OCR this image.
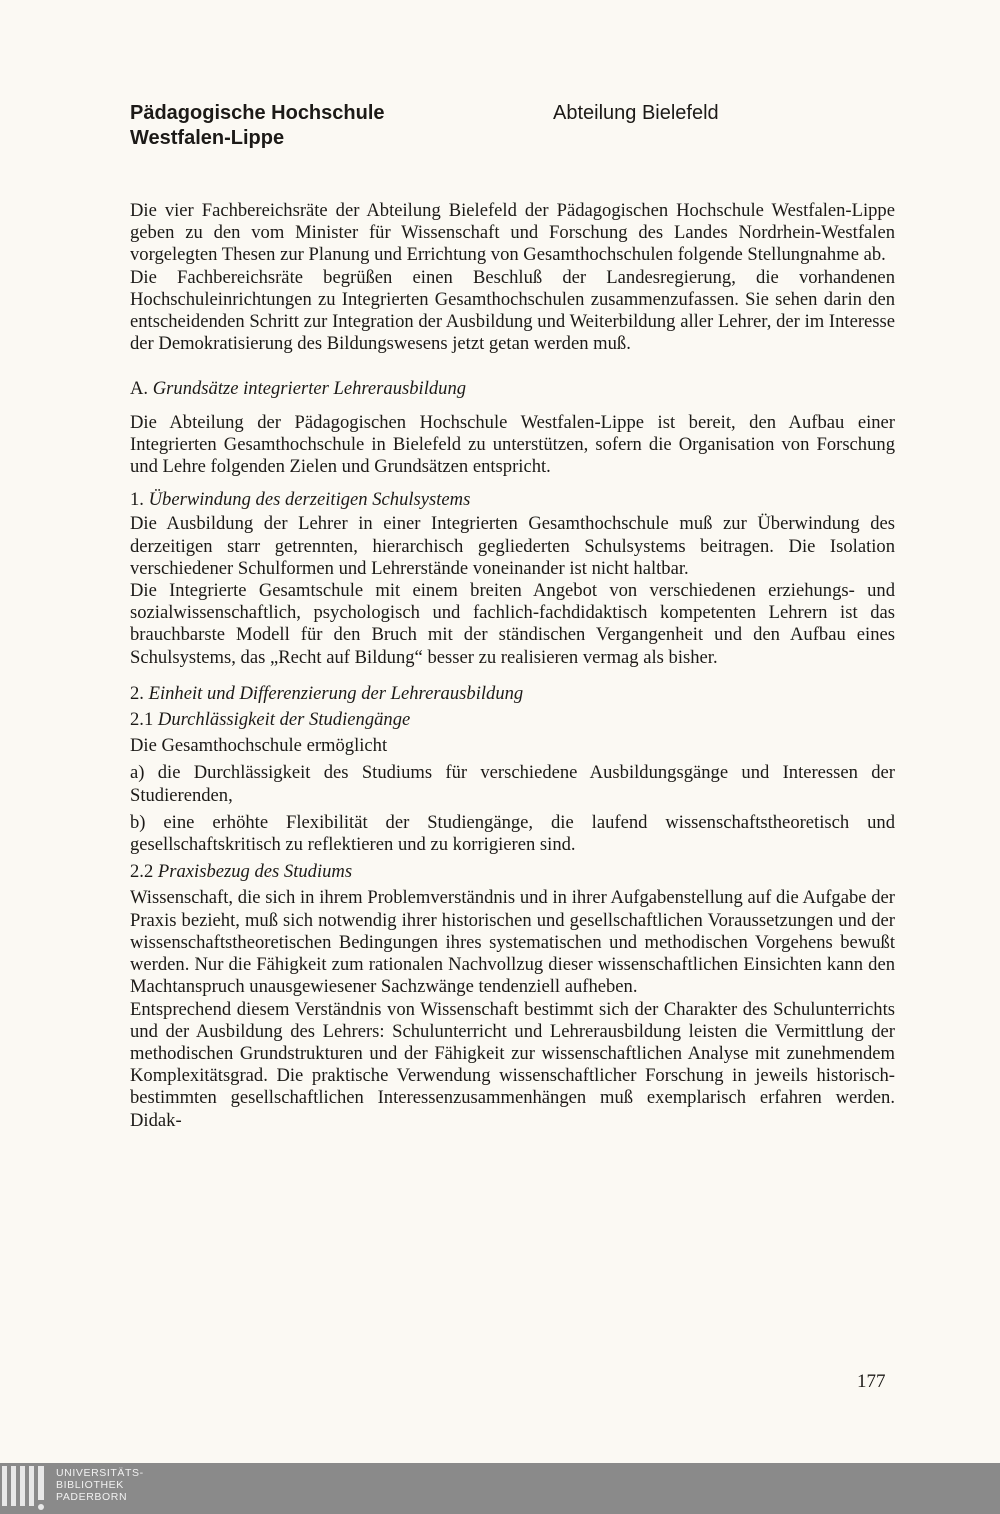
Pädagogische Hochschule
Westfalen-Lippe
Abteilung Bielefeld

Die vier Fachbereichsräte der Abteilung Bielefeld der Pädagogischen Hochschule Westfalen-Lippe geben zu den vom Minister für Wissenschaft und Forschung des Landes Nordrhein-Westfalen vorgelegten Thesen zur Planung und Errichtung von Gesamthochschulen folgende Stellungnahme ab.

Die Fachbereichsräte begrüßen einen Beschluß der Landesregierung, die vorhandenen Hochschuleinrichtungen zu Integrierten Gesamthochschulen zusammenzufassen. Sie sehen darin den entscheidenden Schritt zur Integration der Ausbildung und Weiterbildung aller Lehrer, der im Interesse der Demokratisierung des Bildungswesens jetzt getan werden muß.

A. Grundsätze integrierter Lehrerausbildung

Die Abteilung der Pädagogischen Hochschule Westfalen-Lippe ist bereit, den Aufbau einer Integrierten Gesamthochschule in Bielefeld zu unterstützen, sofern die Organisation von Forschung und Lehre folgenden Zielen und Grundsätzen entspricht.

1. Überwindung des derzeitigen Schulsystems

Die Ausbildung der Lehrer in einer Integrierten Gesamthochschule muß zur Überwindung des derzeitigen starr getrennten, hierarchisch gegliederten Schulsystems beitragen. Die Isolation verschiedener Schulformen und Lehrerstände voneinander ist nicht haltbar.

Die Integrierte Gesamtschule mit einem breiten Angebot von verschiedenen erziehungs- und sozialwissenschaftlich, psychologisch und fachlich-fachdidaktisch kompetenten Lehrern ist das brauchbarste Modell für den Bruch mit der ständischen Vergangenheit und den Aufbau eines Schulsystems, das „Recht auf Bildung“ besser zu realisieren vermag als bisher.

2. Einheit und Differenzierung der Lehrerausbildung

2.1 Durchlässigkeit der Studiengänge

Die Gesamthochschule ermöglicht

a) die Durchlässigkeit des Studiums für verschiedene Ausbildungsgänge und Interessen der Studierenden,

b) eine erhöhte Flexibilität der Studiengänge, die laufend wissenschaftstheoretisch und gesellschaftskritisch zu reflektieren und zu korrigieren sind.

2.2 Praxisbezug des Studiums

Wissenschaft, die sich in ihrem Problemverständnis und in ihrer Aufgabenstellung auf die Aufgabe der Praxis bezieht, muß sich notwendig ihrer historischen und gesellschaftlichen Voraussetzungen und der wissenschaftstheoretischen Bedingungen ihres systematischen und methodischen Vorgehens bewußt werden. Nur die Fähigkeit zum rationalen Nachvollzug dieser wissenschaftlichen Einsichten kann den Machtanspruch unausgewiesener Sachzwänge tendenziell aufheben.

Entsprechend diesem Verständnis von Wissenschaft bestimmt sich der Charakter des Schulunterrichts und der Ausbildung des Lehrers: Schulunterricht und Lehrerausbildung leisten die Vermittlung der methodischen Grundstrukturen und der Fähigkeit zur wissenschaftlichen Analyse mit zunehmendem Komplexitätsgrad. Die praktische Verwendung wissenschaftlicher Forschung in jeweils historisch-bestimmten gesellschaftlichen Interessenzusammenhängen muß exemplarisch erfahren werden. Didak-

177
UNIVERSITÄTS-
BIBLIOTHEK
PADERBORN
